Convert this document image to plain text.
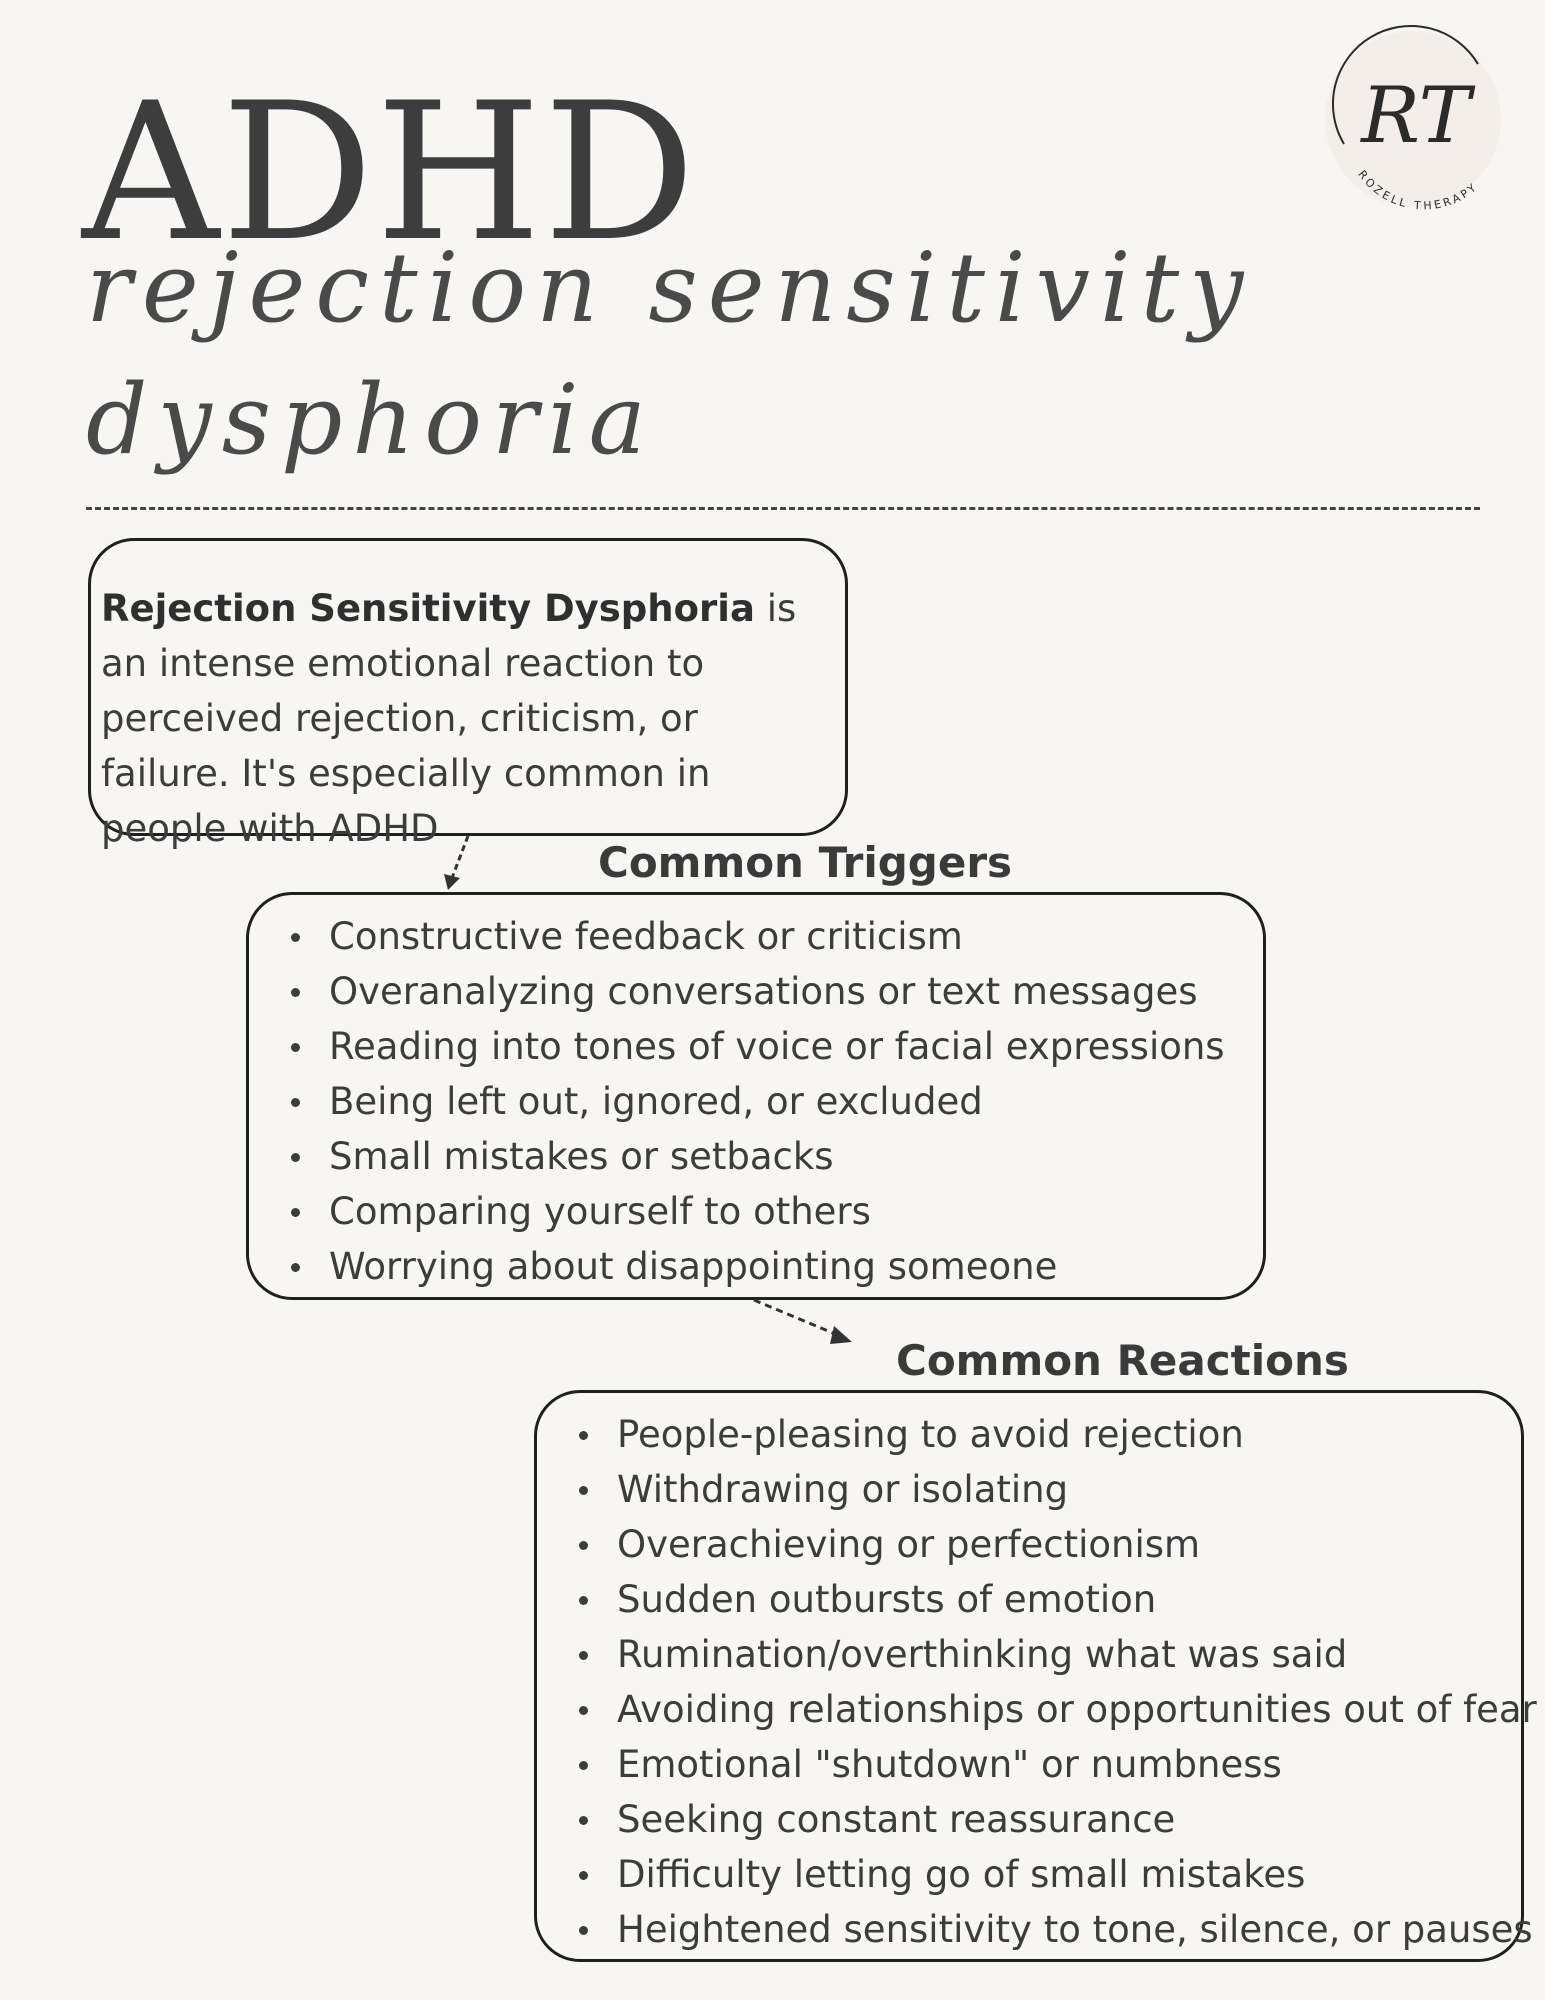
ADHD
rejection sensitivity
dysphoria
RT
ROZELL THERAPY

Rejection Sensitivity Dysphoria is an intense emotional reaction to perceived rejection, criticism, or failure. It's especially common in people with ADHD

Common Triggers
Constructive feedback or criticism
Overanalyzing conversations or text messages
Reading into tones of voice or facial expressions
Being left out, ignored, or excluded
Small mistakes or setbacks
Comparing yourself to others
Worrying about disappointing someone
Common Reactions
People-pleasing to avoid rejection
Withdrawing or isolating
Overachieving or perfectionism
Sudden outbursts of emotion
Rumination/overthinking what was said
Avoiding relationships or opportunities out of fear
Emotional "shutdown" or numbness
Seeking constant reassurance
Difficulty letting go of small mistakes
Heightened sensitivity to tone, silence, or pauses
